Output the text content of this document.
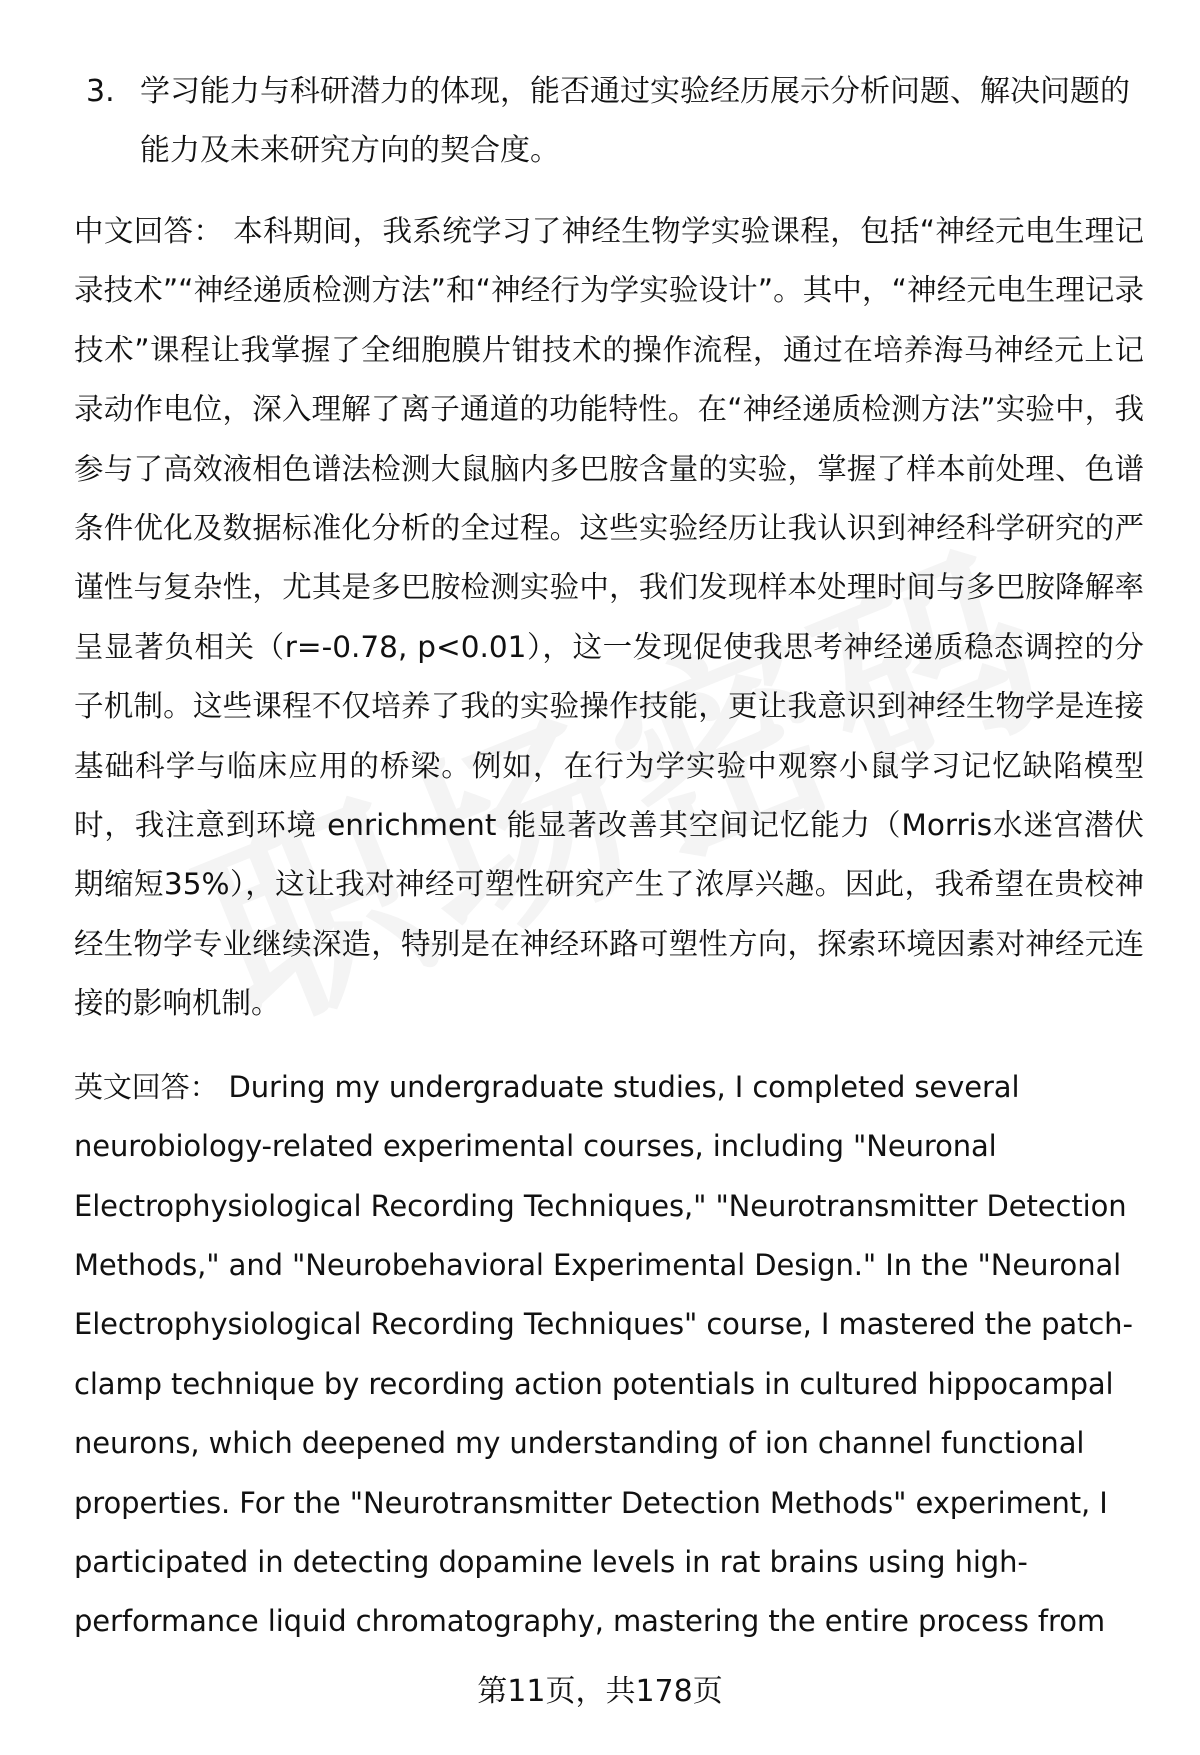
3. 学习能力与科研潜力的体现，能否通过实验经历展示分析问题、解决问题的能力及未来研究方向的契合度。
中文回答： 本科期间，我系统学习了神经生物学实验课程，包括“神经元电生理记录技术”“神经递质检测方法”和“神经行为学实验设计”。其中，“神经元电生理记录技术”课程让我掌握了全细胞膜片钳技术的操作流程，通过在培养海马神经元上记录动作电位，深入理解了离子通道的功能特性。在“神经递质检测方法”实验中，我参与了高效液相色谱法检测大鼠脑内多巴胺含量的实验，掌握了样本前处理、色谱条件优化及数据标准化分析的全过程。这些实验经历让我认识到神经科学研究的严谨性与复杂性，尤其是多巴胺检测实验中，我们发现样本处理时间与多巴胺降解率呈显著负相关（r=-0.78, p<0.01），这一发现促使我思考神经递质稳态调控的分子机制。这些课程不仅培养了我的实验操作技能，更让我意识到神经生物学是连接基础科学与临床应用的桥梁。例如，在行为学实验中观察小鼠学习记忆缺陷模型时，我注意到环境 enrichment 能显著改善其空间记忆能力（Morris水迷宫潜伏期缩短35%），这让我对神经可塑性研究产生了浓厚兴趣。因此，我希望在贵校神经生物学专业继续深造，特别是在神经环路可塑性方向，探索环境因素对神经元连接的影响机制。
英文回答： During my undergraduate studies, I completed several neurobiology-related experimental courses, including "Neuronal Electrophysiological Recording Techniques," "Neurotransmitter Detection Methods," and "Neurobehavioral Experimental Design." In the "Neuronal Electrophysiological Recording Techniques" course, I mastered the patch-clamp technique by recording action potentials in cultured hippocampal neurons, which deepened my understanding of ion channel functional properties. For the "Neurotransmitter Detection Methods" experiment, I participated in detecting dopamine levels in rat brains using high-performance liquid chromatography, mastering the entire process from
第11页，共178页
